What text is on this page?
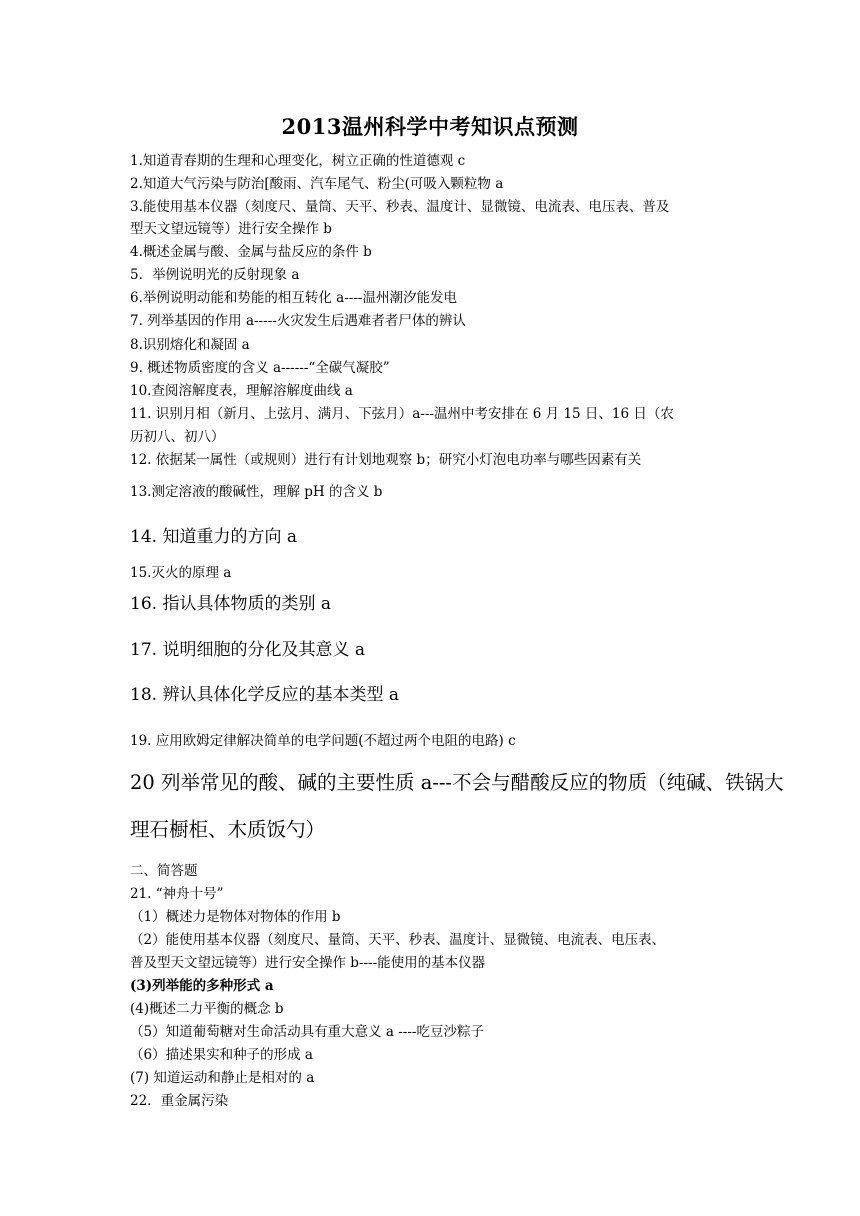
2013温州科学中考知识点预测
1.知道青春期的生理和心理变化，树立正确的性道德观 c
2.知道大气污染与防治[酸雨、汽车尾气、粉尘(可吸入颗粒物 a
3.能使用基本仪器（刻度尺、量筒、天平、秒表、温度计、显微镜、电流表、电压表、普及
型天文望远镜等）进行安全操作 b
4.概述金属与酸、金属与盐反应的条件 b
5．举例说明光的反射现象 a
6.举例说明动能和势能的相互转化 a----温州潮汐能发电
7. 列举基因的作用 a-----火灾发生后遇难者者尸体的辨认
8.识别熔化和凝固 a
9. 概述物质密度的含义 a------“全碳气凝胶”
10.查阅溶解度表，理解溶解度曲线 a
11. 识别月相（新月、上弦月、满月、下弦月）a---温州中考安排在 6 月 15 日、16 日（农
历初八、初八）
12. 依据某一属性（或规则）进行有计划地观察 b；研究小灯泡电功率与哪些因素有关
13.测定溶液的酸碱性，理解 pH 的含义 b
14. 知道重力的方向 a
15.灭火的原理 a
16. 指认具体物质的类别 a
17. 说明细胞的分化及其意义 a
18. 辨认具体化学反应的基本类型 a
19. 应用欧姆定律解决简单的电学问题(不超过两个电阻的电路) c
20 列举常见的酸、碱的主要性质 a---不会与醋酸反应的物质（纯碱、铁锅大
理石橱柜、木质饭勺）
二、简答题
21. “神舟十号”
（1）概述力是物体对物体的作用 b
（2）能使用基本仪器（刻度尺、量筒、天平、秒表、温度计、显微镜、电流表、电压表、
普及型天文望远镜等）进行安全操作 b----能使用的基本仪器
(3)列举能的多种形式 a
(4)概述二力平衡的概念 b
（5）知道葡萄糖对生命活动具有重大意义 a ----吃豆沙粽子
（6）描述果实和种子的形成 a
(7) 知道运动和静止是相对的 a
22．重金属污染
